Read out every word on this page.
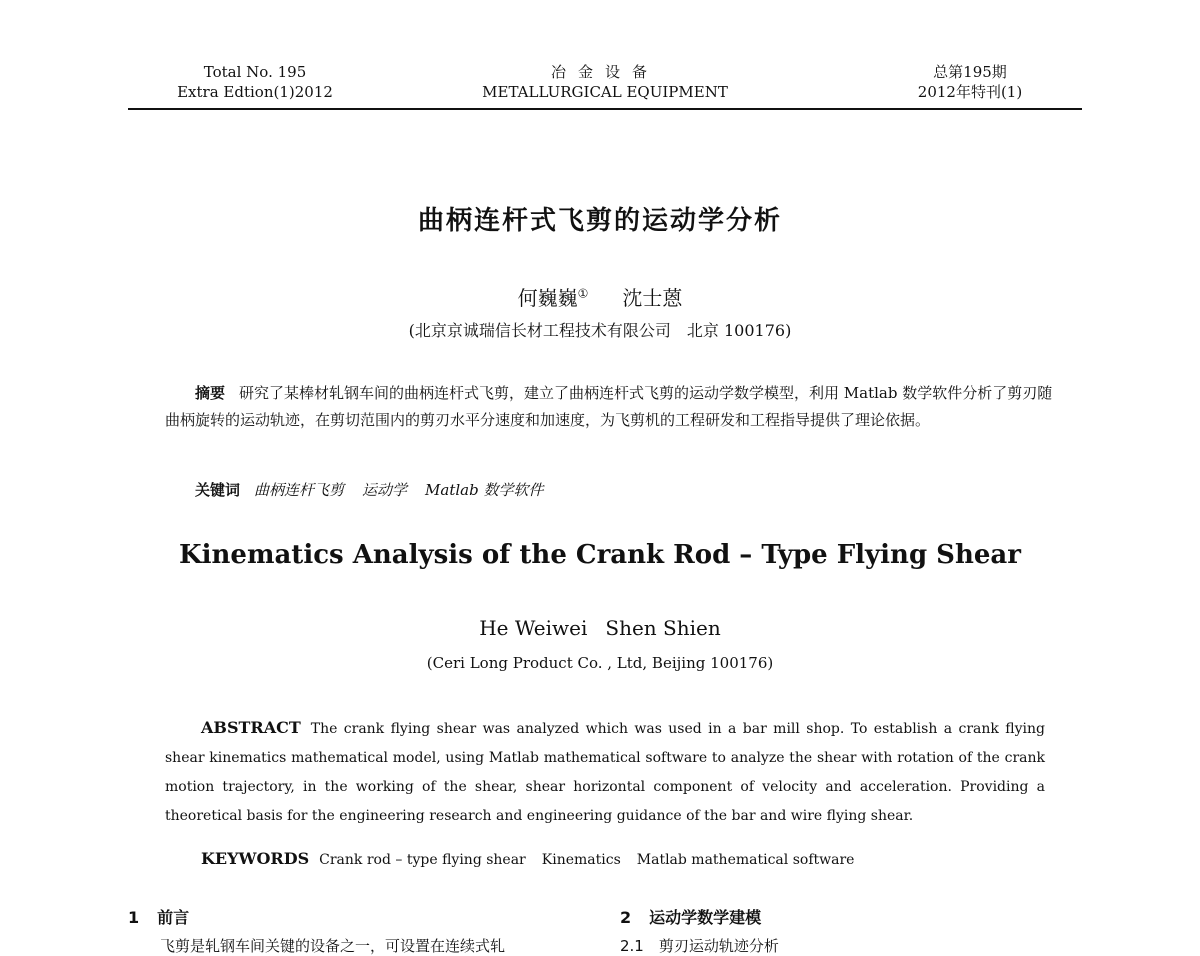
Total No. 195
Extra Edtion(1)2012
冶金设备
METALLURGICAL EQUIPMENT
总第195期
2012年特刊(1)
曲柄连杆式飞剪的运动学分析
何巍巍① 沈士蒽
(北京京诚瑞信长材工程技术有限公司　北京 100176)
摘要 研究了某棒材轧钢车间的曲柄连杆式飞剪，建立了曲柄连杆式飞剪的运动学数学模型，利用 Matlab 数学软件分析了剪刃随曲柄旋转的运动轨迹，在剪切范围内的剪刃水平分速度和加速度，为飞剪机的工程研发和工程指导提供了理论依据。
关键词 曲柄连杆飞剪 运动学 Matlab 数学软件
Kinematics Analysis of the Crank Rod – Type Flying Shear
He Weiwei Shen Shien
(Ceri Long Product Co. , Ltd, Beijing 100176)
ABSTRACT The crank flying shear was analyzed which was used in a bar mill shop. To establish a crank flying shear kinematics mathematical model, using Matlab mathematical software to analyze the shear with rotation of the crank motion trajectory, in the working of the shear, shear horizontal component of velocity and acceleration. Providing a theoretical basis for the engineering research and engineering guidance of the bar and wire flying shear.
KEYWORDS Crank rod – type flying shear Kinematics Matlab mathematical software
1 前言
飞剪是轧钢车间关键的设备之一，可设置在连续式轧
2 运动学数学建模
2.1　剪刃运动轨迹分析
